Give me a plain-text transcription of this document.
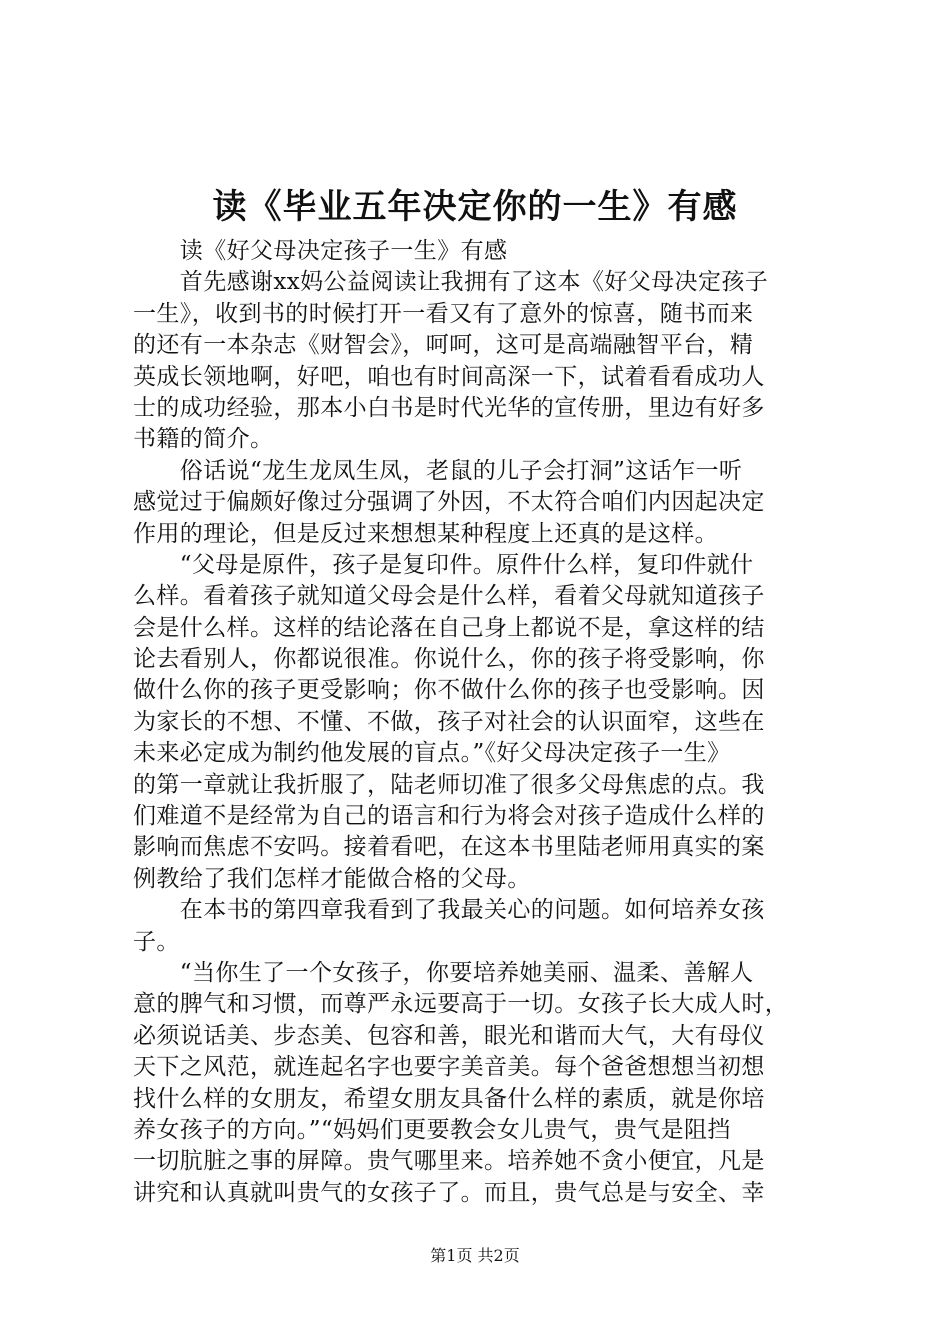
读《毕业五年决定你的一生》有感
　　读《好父母决定孩子一生》有感
　　首先感谢xx妈公益阅读让我拥有了这本《好父母决定孩子
一生》，收到书的时候打开一看又有了意外的惊喜，随书而来
的还有一本杂志《财智会》，呵呵，这可是高端融智平台，精
英成长领地啊，好吧，咱也有时间高深一下，试着看看成功人
士的成功经验，那本小白书是时代光华的宣传册，里边有好多
书籍的简介。
　　俗话说“龙生龙凤生凤，老鼠的儿子会打洞”这话乍一听
感觉过于偏颇好像过分强调了外因，不太符合咱们内因起决定
作用的理论，但是反过来想想某种程度上还真的是这样。
　　“父母是原件，孩子是复印件。原件什么样，复印件就什
么样。看着孩子就知道父母会是什么样，看着父母就知道孩子
会是什么样。这样的结论落在自己身上都说不是，拿这样的结
论去看别人，你都说很准。你说什么，你的孩子将受影响，你
做什么你的孩子更受影响；你不做什么你的孩子也受影响。因
为家长的不想、不懂、不做，孩子对社会的认识面窄，这些在
未来必定成为制约他发展的盲点。”《好父母决定孩子一生》
的第一章就让我折服了，陆老师切准了很多父母焦虑的点。我
们难道不是经常为自己的语言和行为将会对孩子造成什么样的
影响而焦虑不安吗。接着看吧，在这本书里陆老师用真实的案
例教给了我们怎样才能做合格的父母。
　　在本书的第四章我看到了我最关心的问题。如何培养女孩
子。
　　“当你生了一个女孩子，你要培养她美丽、温柔、善解人
意的脾气和习惯，而尊严永远要高于一切。女孩子长大成人时，
必须说话美、步态美、包容和善，眼光和谐而大气，大有母仪
天下之风范，就连起名字也要字美音美。每个爸爸想想当初想
找什么样的女朋友，希望女朋友具备什么样的素质，就是你培
养女孩子的方向。”“妈妈们更要教会女儿贵气，贵气是阻挡
一切肮脏之事的屏障。贵气哪里来。培养她不贪小便宜，凡是
讲究和认真就叫贵气的女孩子了。而且，贵气总是与安全、幸
第1页 共2页
